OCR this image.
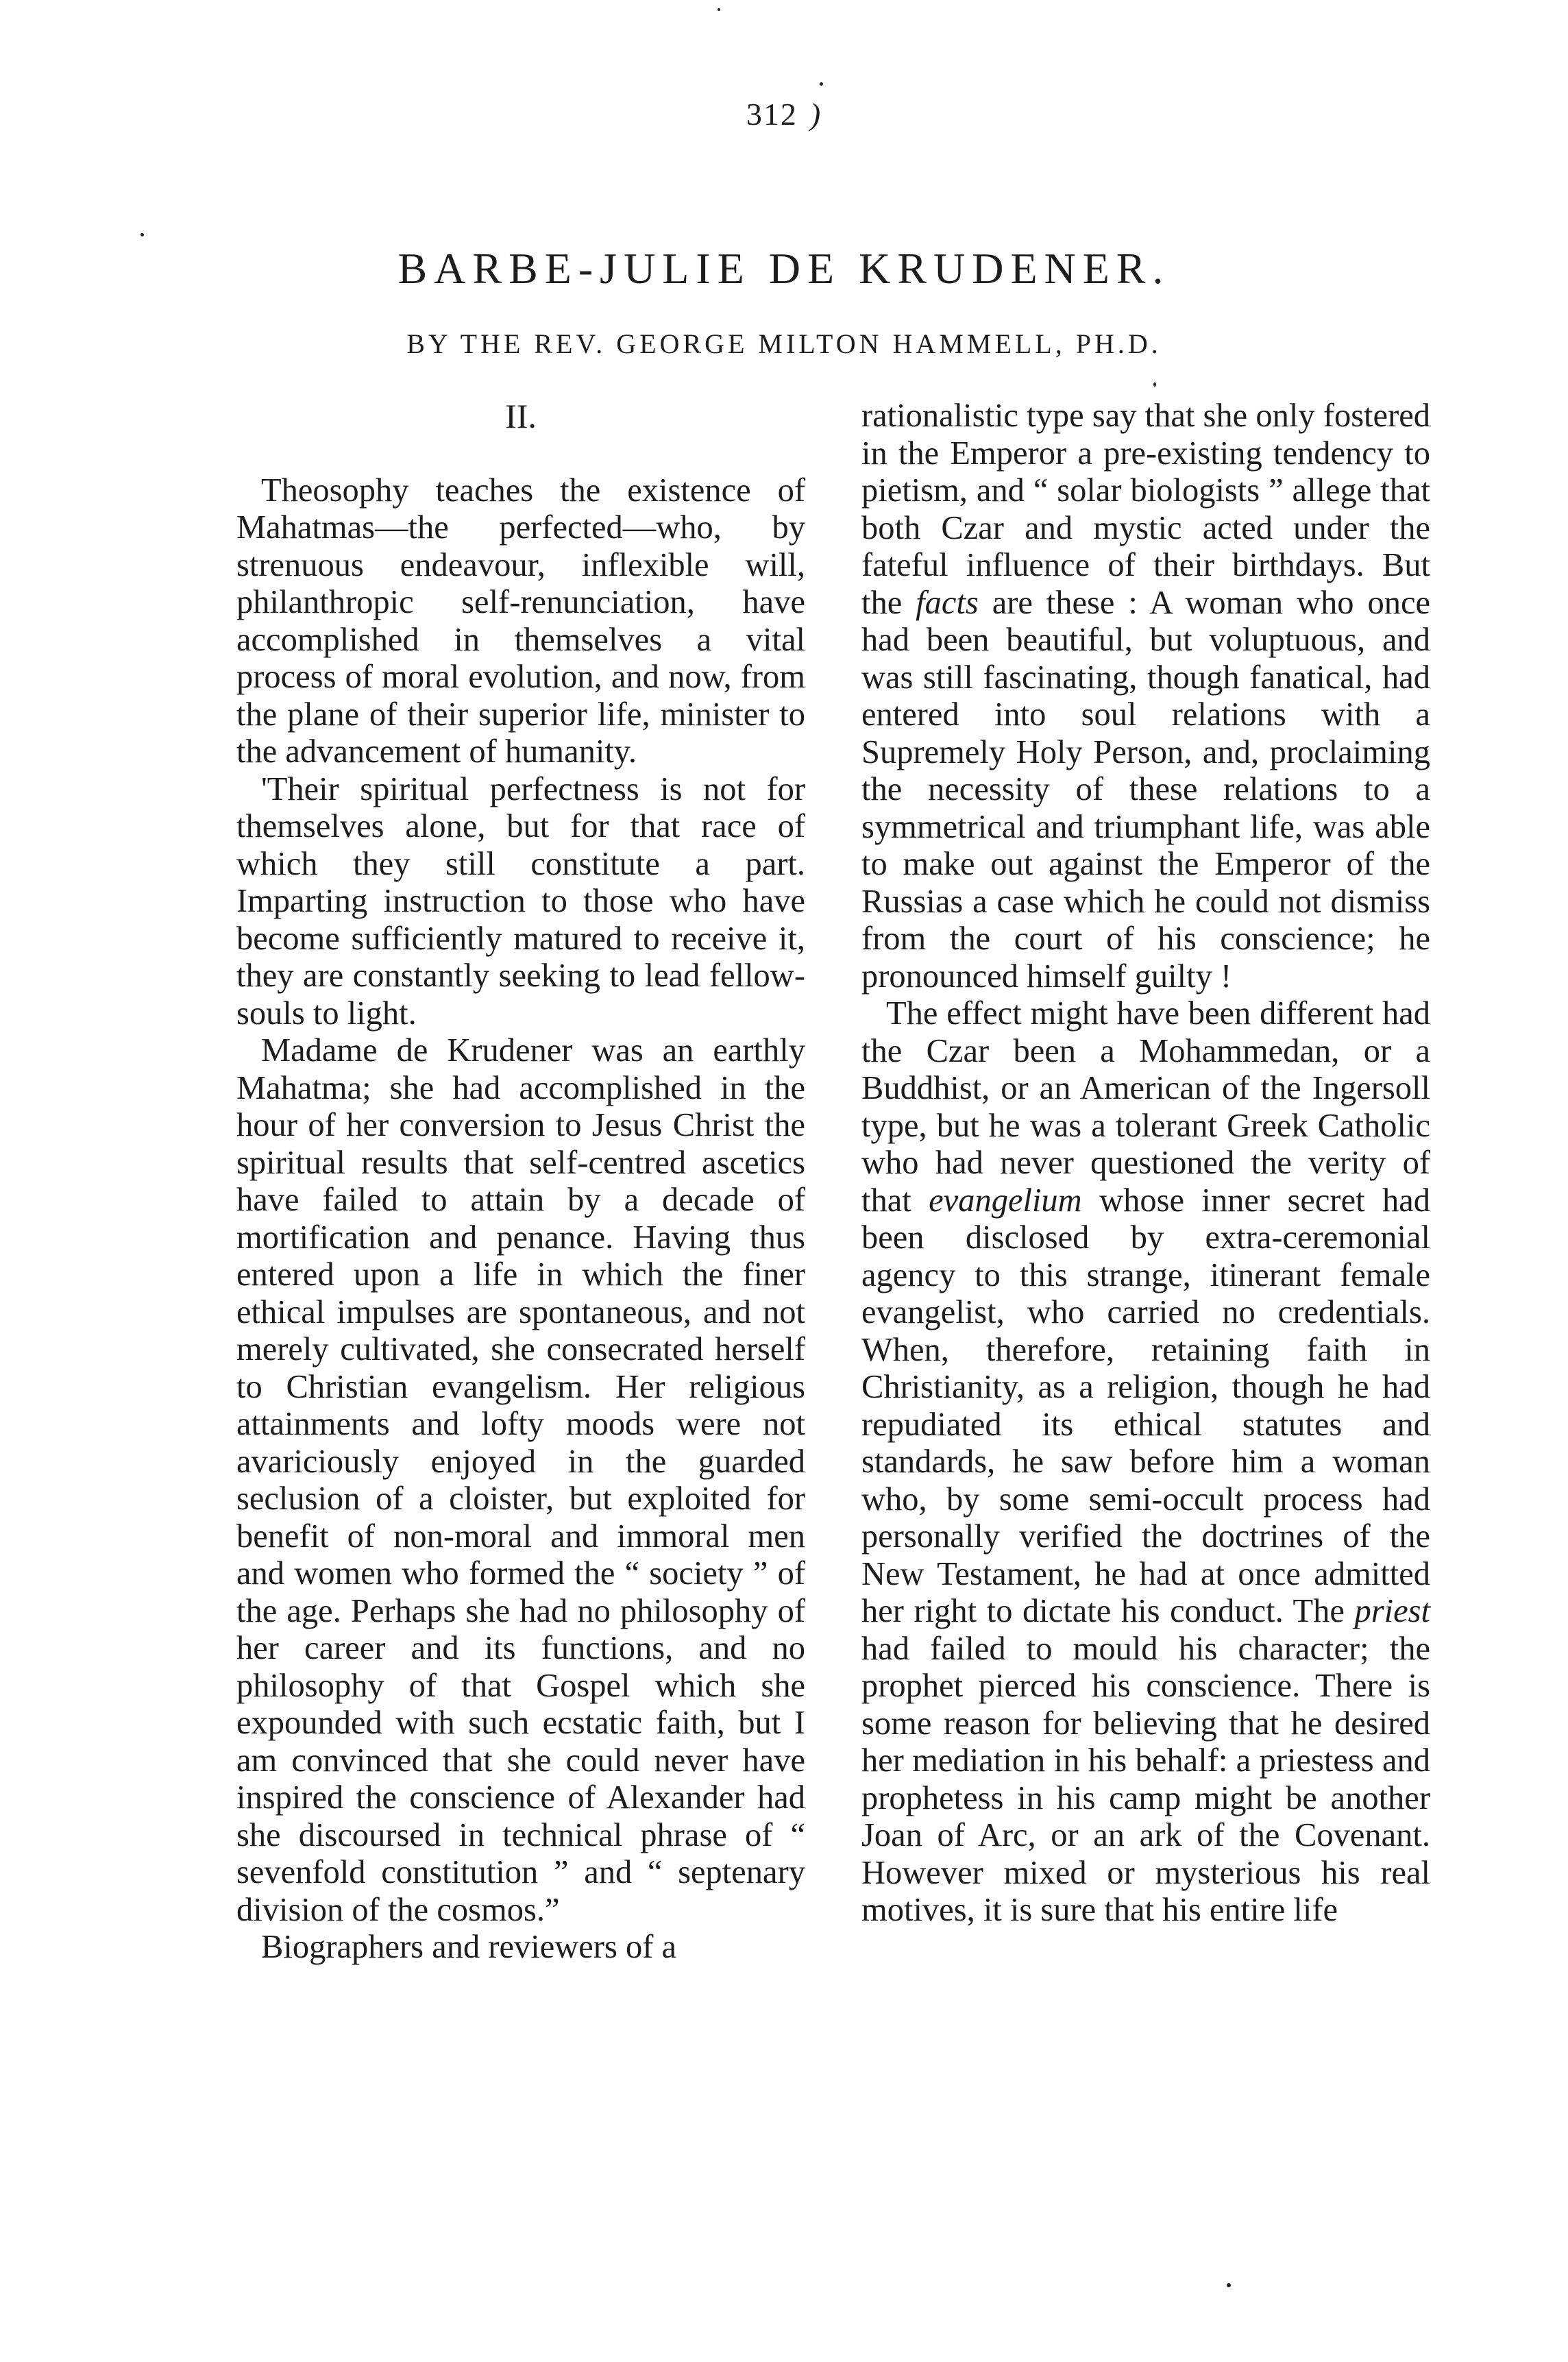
312 )
BARBE-JULIE DE KRUDENER.
BY THE REV. GEORGE MILTON HAMMELL, PH.D.
II.

Theosophy teaches the existence of Mahatmas—the perfected—who, by strenuous endeavour, inflexible will, philanthropic self-renunciation, have accomplished in themselves a vital process of moral evolution, and now, from the plane of their superior life, minister to the advancement of humanity.

'Their spiritual perfectness is not for themselves alone, but for that race of which they still constitute a part. Imparting instruction to those who have become sufficiently matured to receive it, they are constantly seeking to lead fellow-souls to light.

Madame de Krudener was an earthly Mahatma; she had accomplished in the hour of her conversion to Jesus Christ the spiritual results that self-centred ascetics have failed to attain by a decade of mortification and penance. Having thus entered upon a life in which the finer ethical impulses are spontaneous, and not merely cultivated, she consecrated herself to Christian evangelism. Her religious attainments and lofty moods were not avariciously enjoyed in the guarded seclusion of a cloister, but exploited for benefit of non-moral and immoral men and women who formed the “ society ” of the age. Perhaps she had no philosophy of her career and its functions, and no philosophy of that Gospel which she expounded with such ecstatic faith, but I am convinced that she could never have inspired the conscience of Alexander had she discoursed in technical phrase of “ sevenfold constitution ” and “ septenary division of the cosmos.”

Biographers and reviewers of a

rationalistic type say that she only fostered in the Emperor a pre-existing tendency to pietism, and “ solar biologists ” allege that both Czar and mystic acted under the fateful influence of their birthdays. But the facts are these : A woman who once had been beautiful, but voluptuous, and was still fascinating, though fanatical, had entered into soul relations with a Supremely Holy Person, and, proclaiming the necessity of these relations to a symmetrical and triumphant life, was able to make out against the Emperor of the Russias a case which he could not dismiss from the court of his conscience; he pronounced himself guilty !

The effect might have been different had the Czar been a Mohammedan, or a Buddhist, or an American of the Ingersoll type, but he was a tolerant Greek Catholic who had never questioned the verity of that evangelium whose inner secret had been disclosed by extra-ceremonial agency to this strange, itinerant female evangelist, who carried no credentials. When, therefore, retaining faith in Christianity, as a religion, though he had repudiated its ethical statutes and standards, he saw before him a woman who, by some semi-occult process had personally verified the doctrines of the New Testament, he had at once admitted her right to dictate his conduct. The priest had failed to mould his character; the prophet pierced his conscience. There is some reason for believing that he desired her mediation in his behalf: a priestess and prophetess in his camp might be another Joan of Arc, or an ark of the Covenant. However mixed or mysterious his real motives, it is sure that his entire life
